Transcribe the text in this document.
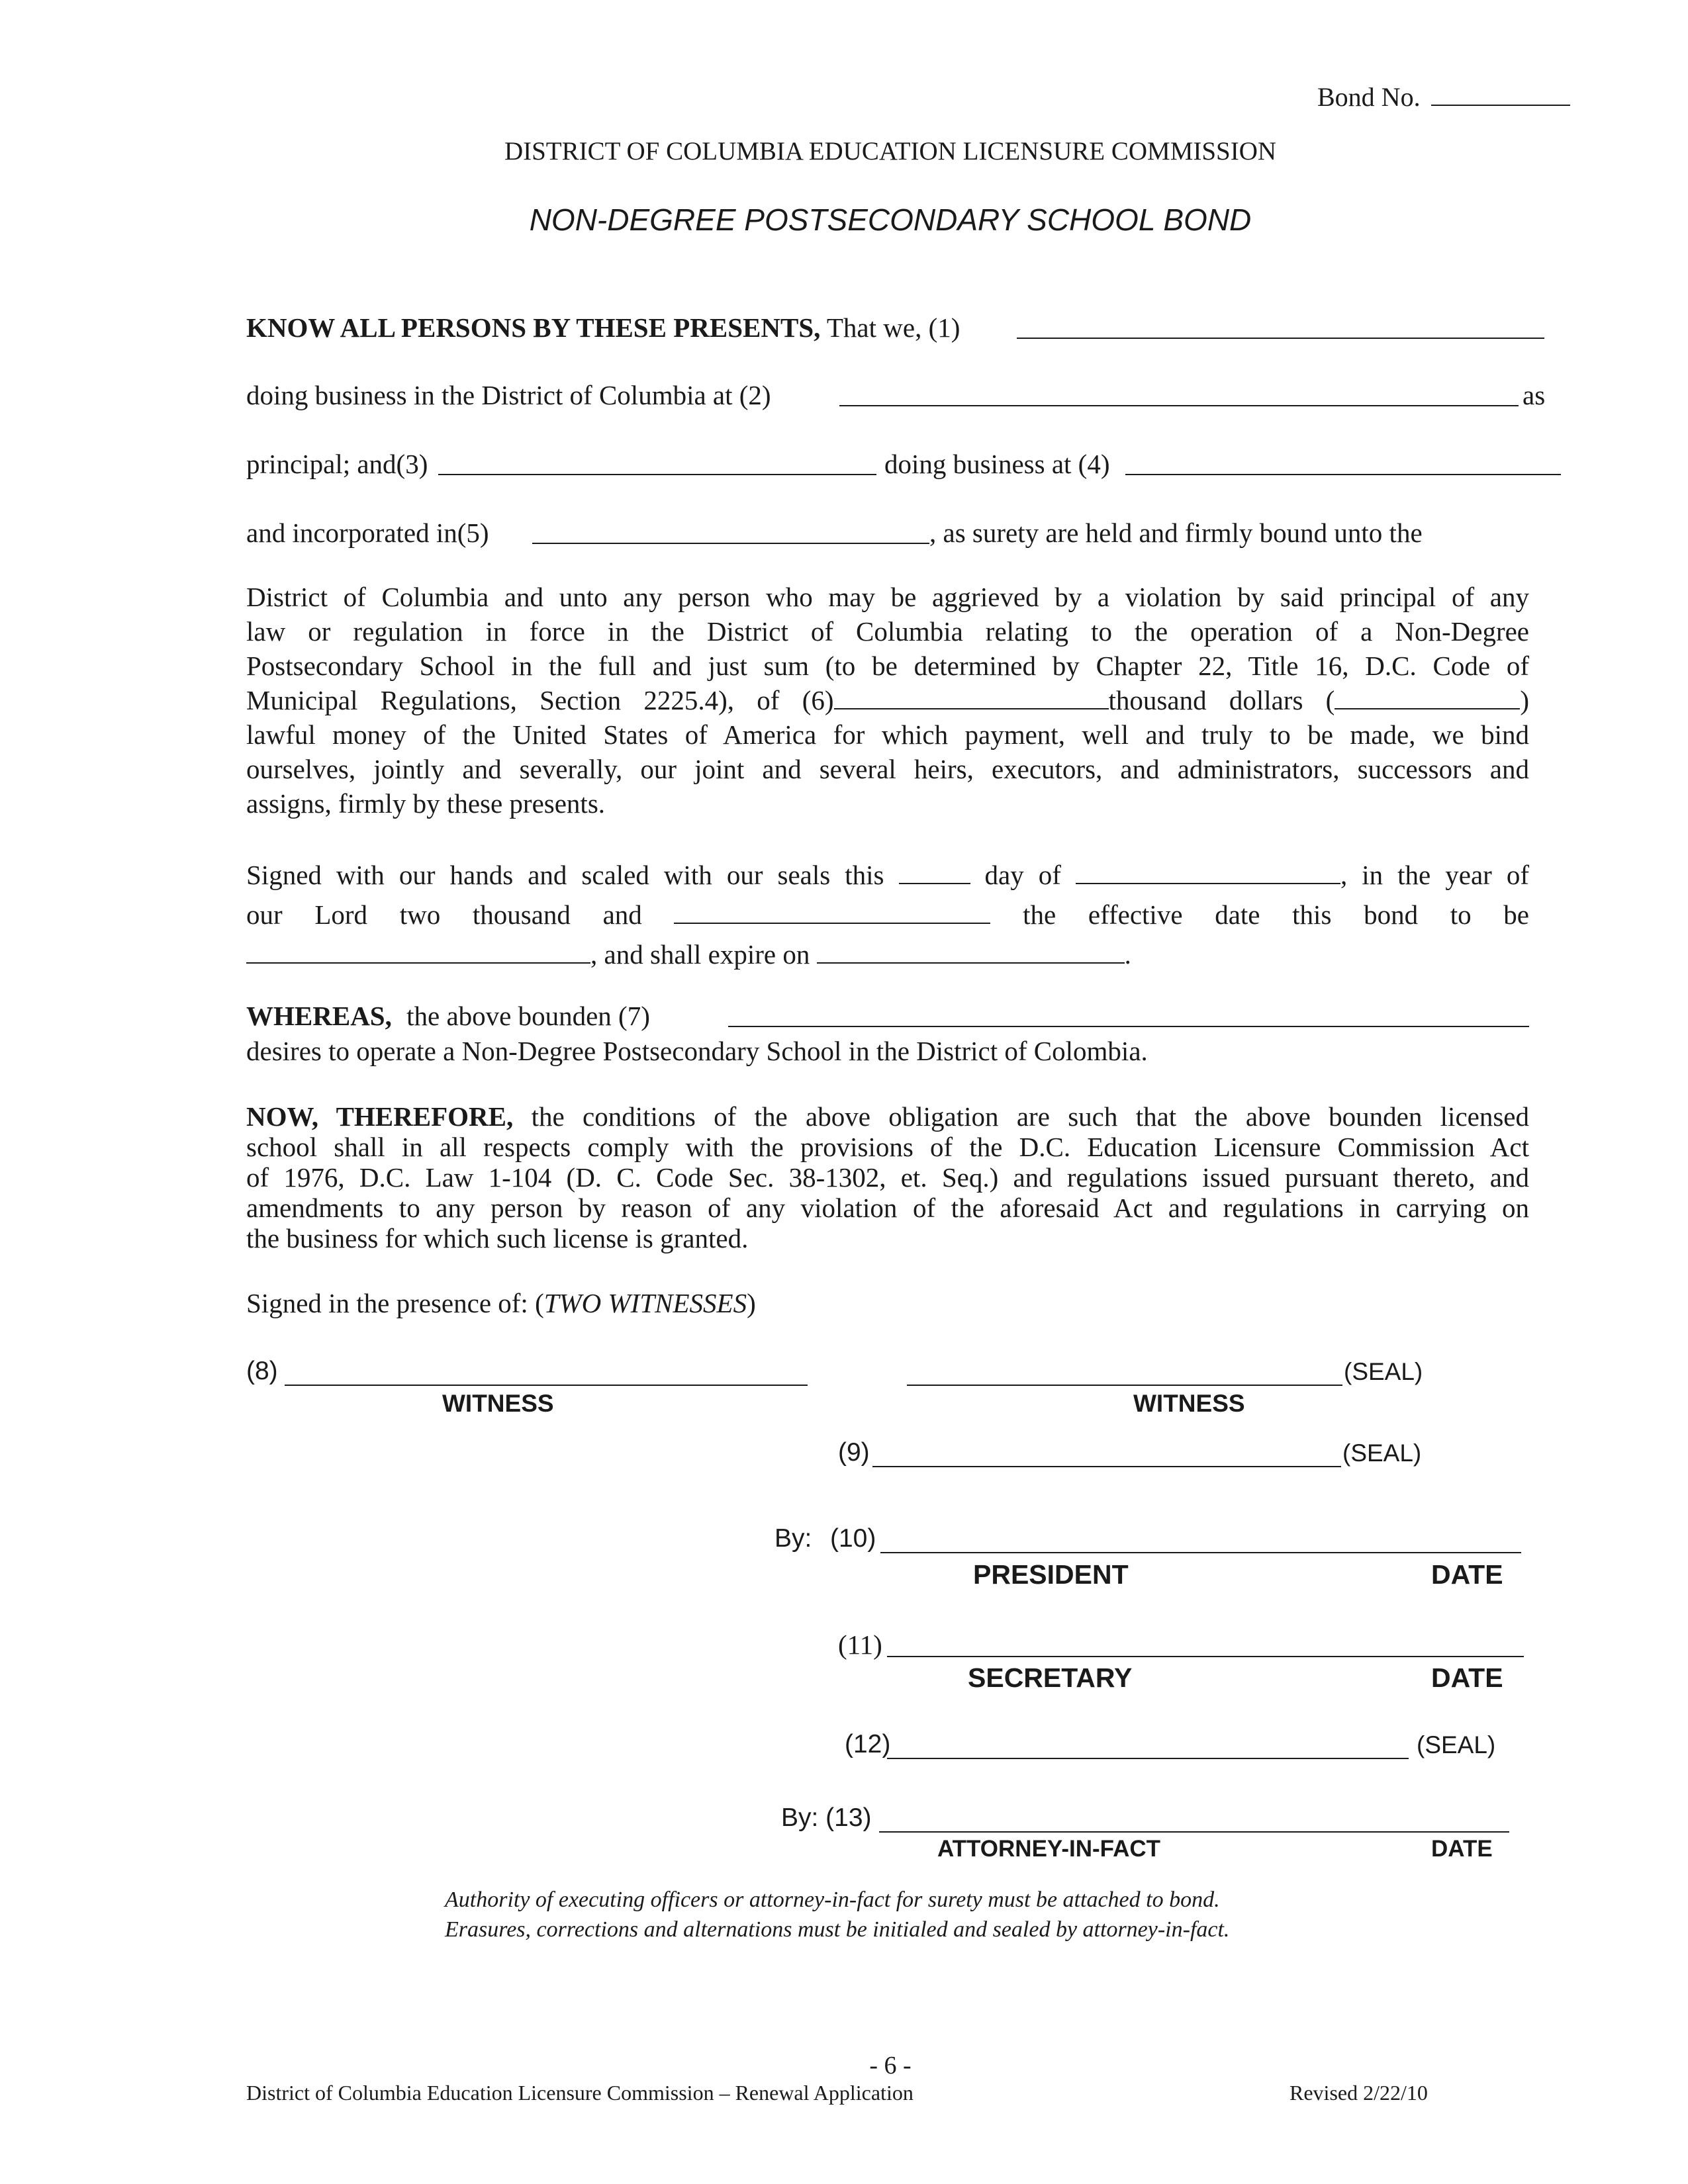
Bond No.
DISTRICT OF COLUMBIA EDUCATION LICENSURE COMMISSION
NON-DEGREE POSTSECONDARY SCHOOL BOND
KNOW ALL PERSONS BY THESE PRESENTS, That we, (1)
doing business in the District of Columbia at (2)	as
principal; and(3)	doing business at (4)
and incorporated in(5)	, as surety are held and firmly bound unto the
District of Columbia and unto any person who may be aggrieved by a violation by said principal of any
law or regulation in force in the District of Columbia relating to the operation of a Non-Degree
Postsecondary School in the full and just sum (to be determined by Chapter 22, Title 16, D.C. Code of
Municipal Regulations, Section 2225.4), of (6)	thousand dollars (	)
lawful money of the United States of America for which payment, well and truly to be made, we bind
ourselves, jointly and severally, our joint and several heirs, executors, and administrators, successors and
assigns, firmly by these presents.
Signed with our hands and scaled with our seals this	day of	, in the year of
our Lord two thousand and	the effective date this bond to be
, and shall expire on	.
WHEREAS, the above bounden (7)
desires to operate a Non-Degree Postsecondary School in the District of Colombia.
NOW, THEREFORE, the conditions of the above obligation are such that the above bounden licensed
school shall in all respects comply with the provisions of the D.C. Education Licensure Commission Act
of 1976, D.C. Law 1-104 (D. C. Code Sec. 38-1302, et. Seq.) and regulations issued pursuant thereto, and
amendments to any person by reason of any violation of the aforesaid Act and regulations in carrying on
the business for which such license is granted.
Signed in the presence of: (TWO WITNESSES)
(8)
WITNESS
(SEAL)
WITNESS
(9)	(SEAL)
By: (10)
PRESIDENT	DATE
(11)
SECRETARY	DATE
(12)	(SEAL)
By: (13)
ATTORNEY-IN-FACT	DATE
Authority of executing officers or attorney-in-fact for surety must be attached to bond.
Erasures, corrections and alternations must be initialed and sealed by attorney-in-fact.
- 6 -
District of Columbia Education Licensure Commission – Renewal Application	Revised 2/22/10
